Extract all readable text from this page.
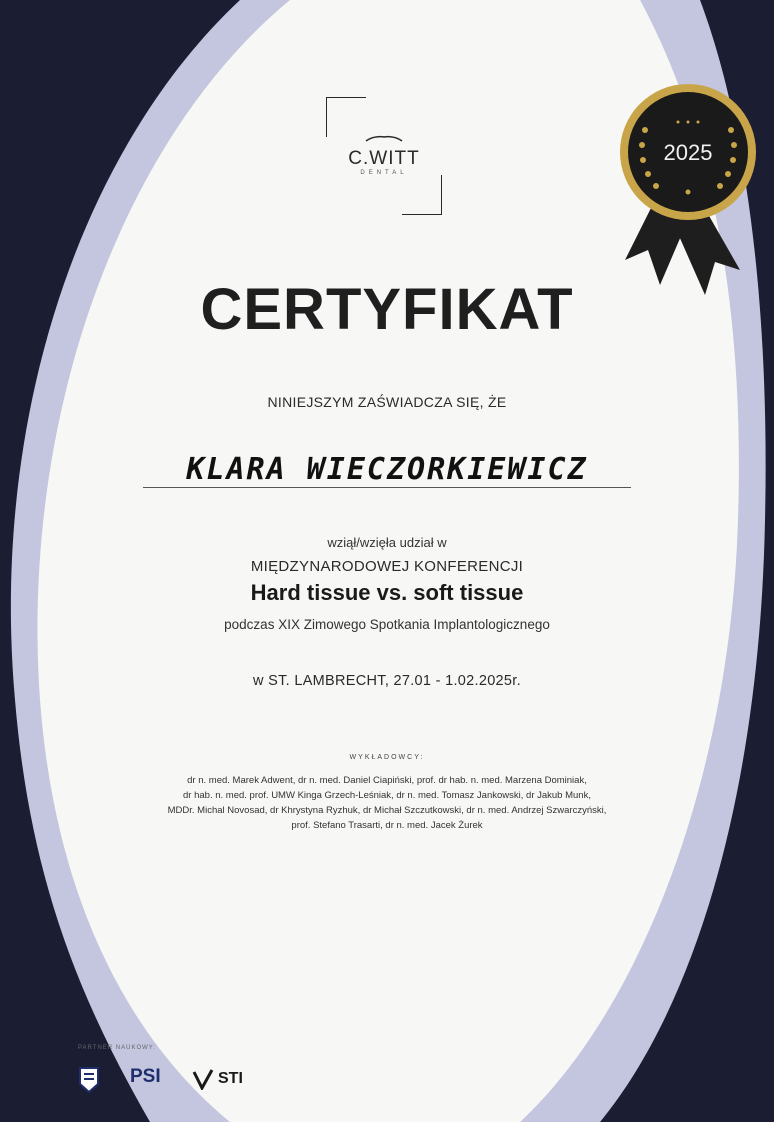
C.WITT
DENTAL
2025
CERTYFIKAT
NINIEJSZYM ZAŚWIADCZA SIĘ, ŻE
KLARA WIECZORKIEWICZ
wziął/wzięła udział w
MIĘDZYNARODOWEJ KONFERENCJI
Hard tissue vs. soft tissue
podczas XIX Zimowego Spotkania Implantologicznego
w ST. LAMBRECHT, 27.01 - 1.02.2025r.
WYKŁADOWCY:
dr n. med. Marek Adwent, dr n. med. Daniel Ciapiński, prof. dr hab. n. med. Marzena Dominiak,
dr hab. n. med. prof. UMW Kinga Grzech-Leśniak, dr n. med. Tomasz Jankowski, dr Jakub Munk,
MDDr. Michal Novosad, dr Khrystyna Ryzhuk, dr Michał Szczutkowski, dr n. med. Andrzej Szwarczyński,
prof. Stefano Trasarti, dr n. med. Jacek Żurek
PARTNER NAUKOWY:
PSI	STI
